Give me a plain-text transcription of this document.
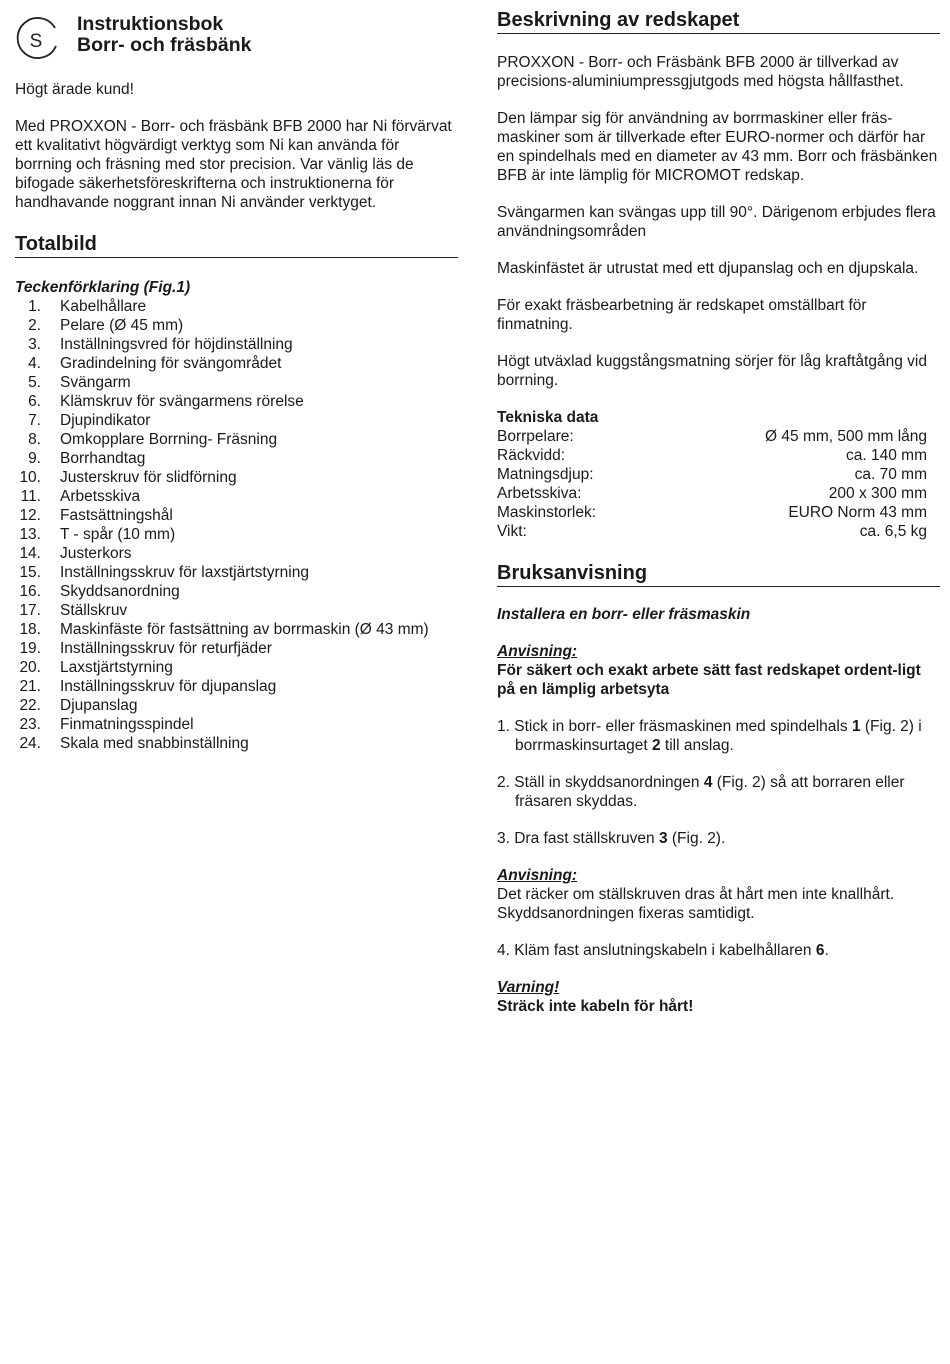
S
Instruktionsbok
Borr- och fräsbänk

Högt ärade kund!

Med PROXXON - Borr- och fräsbänk BFB 2000 har Ni förvärvat ett kvalitativt högvärdigt verktyg som Ni kan använda för borrning och fräsning med stor precision. Var vänlig läs de bifogade säkerhetsföreskrifterna och instruktionerna för handhavande noggrant innan Ni använder verktyget.

Totalbild
Teckenförklaring (Fig.1)
1. Kabelhållare
2. Pelare (Ø 45 mm)
3. Inställningsvred för höjdinställning
4. Gradindelning för svängområdet
5. Svängarm
6. Klämskruv för svängarmens rörelse
7. Djupindikator
8. Omkopplare Borrning- Fräsning
9. Borrhandtag
10. Justerskruv för slidförning
11. Arbetsskiva
12. Fastsättningshål
13. T - spår (10 mm)
14. Justerkors
15. Inställningsskruv för laxstjärtstyrning
16. Skyddsanordning
17. Ställskruv
18. Maskinfäste för fastsättning av borrmaskin (Ø 43 mm)
19. Inställningsskruv för returfjäder
20. Laxstjärtstyrning
21. Inställningsskruv för djupanslag
22. Djupanslag
23. Finmatningsspindel
24. Skala med snabbinställning
Beskrivning av redskapet

PROXXON - Borr- och Fräsbänk BFB 2000 är tillverkad av precisions-aluminiumpressgjutgods med högsta hållfasthet.

Den lämpar sig för användning av borrmaskiner eller fräs-maskiner som är tillverkade efter EURO-normer och därför har en spindelhals med en diameter av 43 mm. Borr och fräsbänken BFB är inte lämplig för MICROMOT redskap.

Svängarmen kan svängas upp till 90°. Därigenom erbjudes flera användningsområden

Maskinfästet är utrustat med ett djupanslag och en djupskala.

För exakt fräsbearbetning är redskapet omställbart för finmatning.

Högt utväxlad kuggstångsmatning sörjer för låg kraftåtgång vid borrning.

Tekniska data
Borrpelare:	Ø 45 mm, 500 mm lång
Räckvidd:	ca. 140 mm
Matningsdjup:	ca. 70 mm
Arbetsskiva:	200 x 300 mm
Maskinstorlek:	EURO Norm 43 mm
Vikt:	ca. 6,5 kg
Bruksanvisning

Installera en borr- eller fräsmaskin

Anvisning:

För säkert och exakt arbete sätt fast redskapet ordent-ligt på en lämplig arbetsyta

1. Stick in borr- eller fräsmaskinen med spindelhals 1 (Fig. 2) i borrmaskinsurtaget 2 till anslag.

2. Ställ in skyddsanordningen 4 (Fig. 2) så att borraren eller fräsaren skyddas.

3. Dra fast ställskruven 3 (Fig. 2).

Anvisning:

Det räcker om ställskruven dras åt hårt men inte knallhårt. Skyddsanordningen fixeras samtidigt.

4. Kläm fast anslutningskabeln i kabelhållaren 6.

Varning!

Sträck inte kabeln för hårt!
